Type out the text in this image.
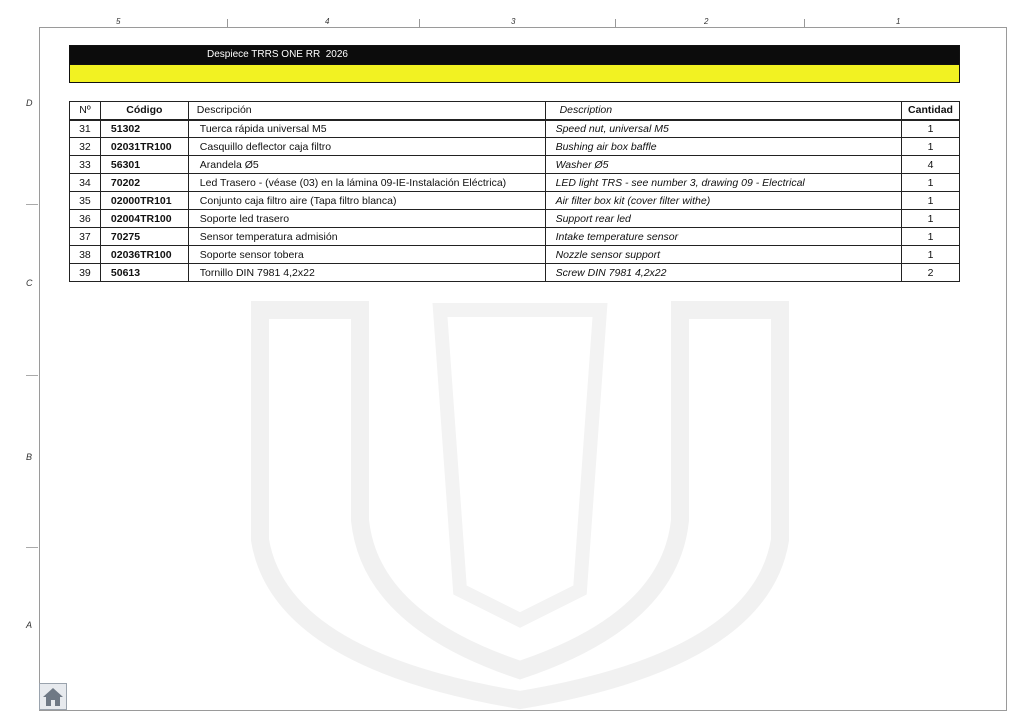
5	4	3	2	1
D
C
B
A
Despiece TRRS ONE RR  2026
Nº	Código	Descripción	Description	Cantidad
31	51302	Tuerca rápida universal M5	Speed nut, universal M5	1
32	02031TR100	Casquillo deflector caja filtro	Bushing air box baffle	1
33	56301	Arandela Ø5	Washer Ø5	4
34	70202	Led Trasero - (véase (03) en la lámina 09-IE-Instalación Eléctrica)	LED light TRS - see number 3, drawing 09 - Electrical	1
35	02000TR101	Conjunto caja filtro aire (Tapa filtro blanca)	Air filter box kit (cover filter withe)	1
36	02004TR100	Soporte led trasero	Support rear led	1
37	70275	Sensor temperatura admisión	Intake temperature sensor	1
38	02036TR100	Soporte sensor tobera	Nozzle sensor support	1
39	50613	Tornillo DIN 7981 4,2x22	Screw DIN 7981 4,2x22	2
